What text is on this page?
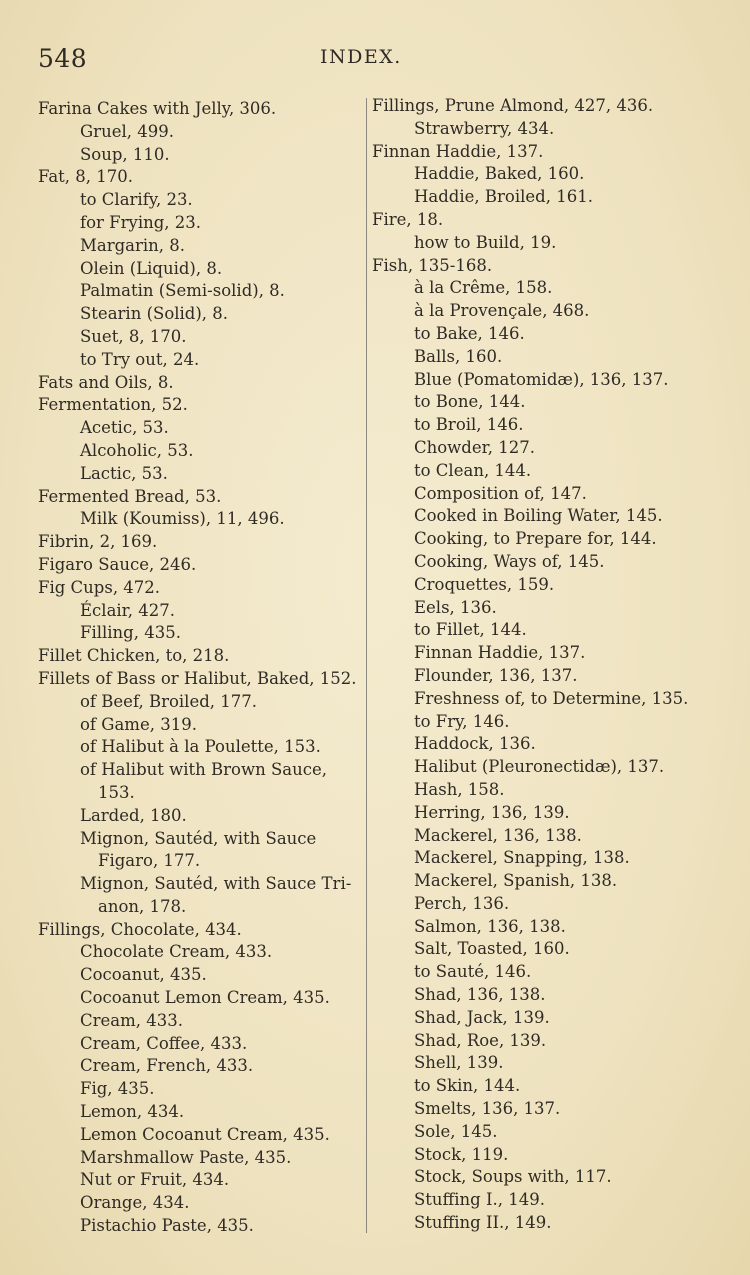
548	INDEX.
Farina Cakes with Jelly, 306.
Gruel, 499.
Soup, 110.
Fat, 8, 170.
to Clarify, 23.
for Frying, 23.
Margarin, 8.
Olein (Liquid), 8.
Palmatin (Semi-solid), 8.
Stearin (Solid), 8.
Suet, 8, 170.
to Try out, 24.
Fats and Oils, 8.
Fermentation, 52.
Acetic, 53.
Alcoholic, 53.
Lactic, 53.
Fermented Bread, 53.
Milk (Koumiss), 11, 496.
Fibrin, 2, 169.
Figaro Sauce, 246.
Fig Cups, 472.
Éclair, 427.
Filling, 435.
Fillet Chicken, to, 218.
Fillets of Bass or Halibut, Baked, 152.
of Beef, Broiled, 177.
of Game, 319.
of Halibut à la Poulette, 153.
of Halibut with Brown Sauce,
153.
Larded, 180.
Mignon, Sautéd, with Sauce
Figaro, 177.
Mignon, Sautéd, with Sauce Tri-
anon, 178.
Fillings, Chocolate, 434.
Chocolate Cream, 433.
Cocoanut, 435.
Cocoanut Lemon Cream, 435.
Cream, 433.
Cream, Coffee, 433.
Cream, French, 433.
Fig, 435.
Lemon, 434.
Lemon Cocoanut Cream, 435.
Marshmallow Paste, 435.
Nut or Fruit, 434.
Orange, 434.
Pistachio Paste, 435.
Fillings, Prune Almond, 427, 436.
Strawberry, 434.
Finnan Haddie, 137.
Haddie, Baked, 160.
Haddie, Broiled, 161.
Fire, 18.
how to Build, 19.
Fish, 135-168.
à la Crême, 158.
à la Provençale, 468.
to Bake, 146.
Balls, 160.
Blue (Pomatomidæ), 136, 137.
to Bone, 144.
to Broil, 146.
Chowder, 127.
to Clean, 144.
Composition of, 147.
Cooked in Boiling Water, 145.
Cooking, to Prepare for, 144.
Cooking, Ways of, 145.
Croquettes, 159.
Eels, 136.
to Fillet, 144.
Finnan Haddie, 137.
Flounder, 136, 137.
Freshness of, to Determine, 135.
to Fry, 146.
Haddock, 136.
Halibut (Pleuronectidæ), 137.
Hash, 158.
Herring, 136, 139.
Mackerel, 136, 138.
Mackerel, Snapping, 138.
Mackerel, Spanish, 138.
Perch, 136.
Salmon, 136, 138.
Salt, Toasted, 160.
to Sauté, 146.
Shad, 136, 138.
Shad, Jack, 139.
Shad, Roe, 139.
Shell, 139.
to Skin, 144.
Smelts, 136, 137.
Sole, 145.
Stock, 119.
Stock, Soups with, 117.
Stuffing I., 149.
Stuffing II., 149.
